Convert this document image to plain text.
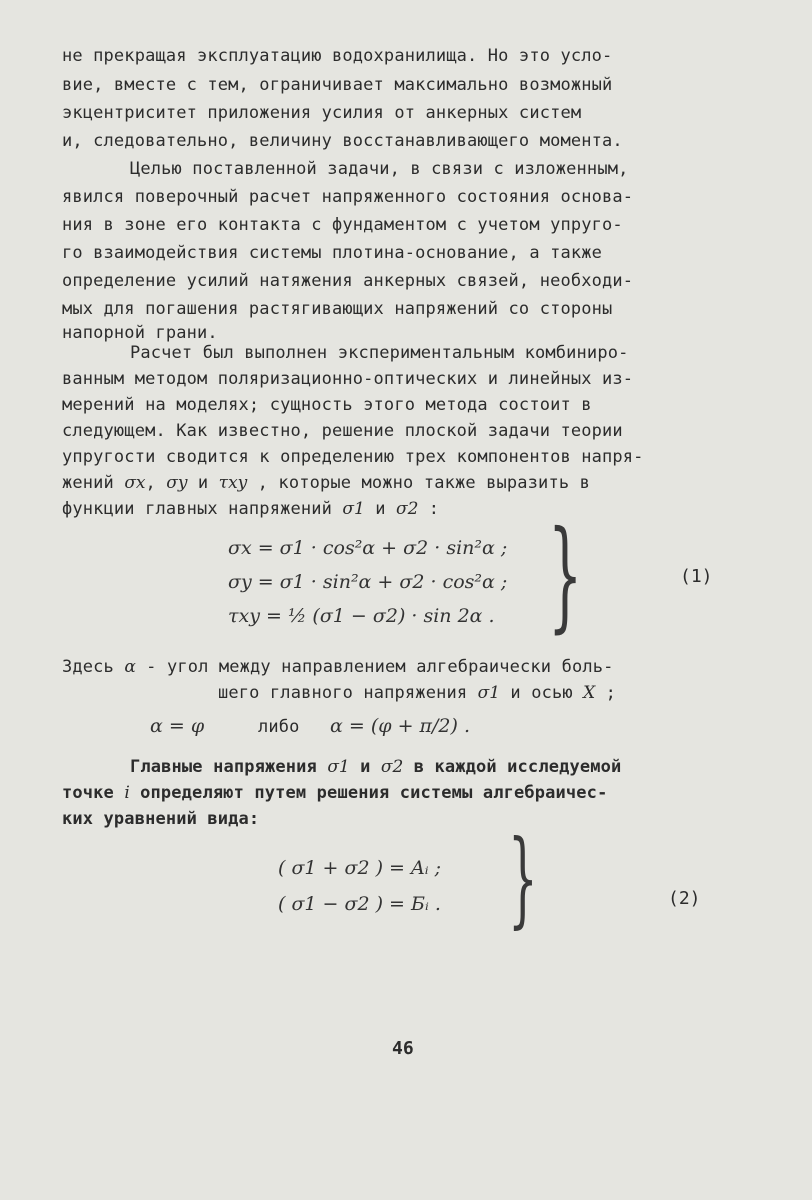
не прекращая эксплуатацию водохранилища. Но это усло-

вие, вместе с тем, ограничивает максимально возможный

экцентриситет приложения усилия от анкерных систем

и, следовательно, величину восстанавливающего момента.

Целью поставленной задачи, в связи с изложенным,

явился поверочный расчет напряженного состояния основа-

ния в зоне его контакта с фундаментом с учетом упруго-

го взаимодействия системы плотина-основание, а также

определение усилий натяжения анкерных связей, необходи-

мых для погашения растягивающих напряжений со стороны

напорной грани.

Расчет был выполнен экспериментальным комбиниро-

ванным методом поляризационно-оптических и линейных из-

мерений на моделях; сущность этого метода состоит в

следующем. Как известно, решение плоской задачи теории

упругости сводится к определению трех компонентов напря-

жений σx, σy и τxy , которые можно также выразить в

функции главных напряжений σ1 и σ2 :

σx = σ1 · cos²α + σ2 · sin²α ;
σy = σ1 · sin²α + σ2 · cos²α ;
τxy = ½ (σ1 − σ2) · sin 2α . }	(1)

Здесь α - угол между направлением алгебраически боль-

шего главного напряжения σ1 и осью X ;

α = φ	либо α = (φ + π/2) .

Главные напряжения σ1 и σ2 в каждой исследуемой

точке i определяют путем решения системы алгебраичес-

ких уравнений вида:

( σ1 + σ2 ) = Aᵢ ;
( σ1 − σ2 ) = Бᵢ . }	(2)
46
